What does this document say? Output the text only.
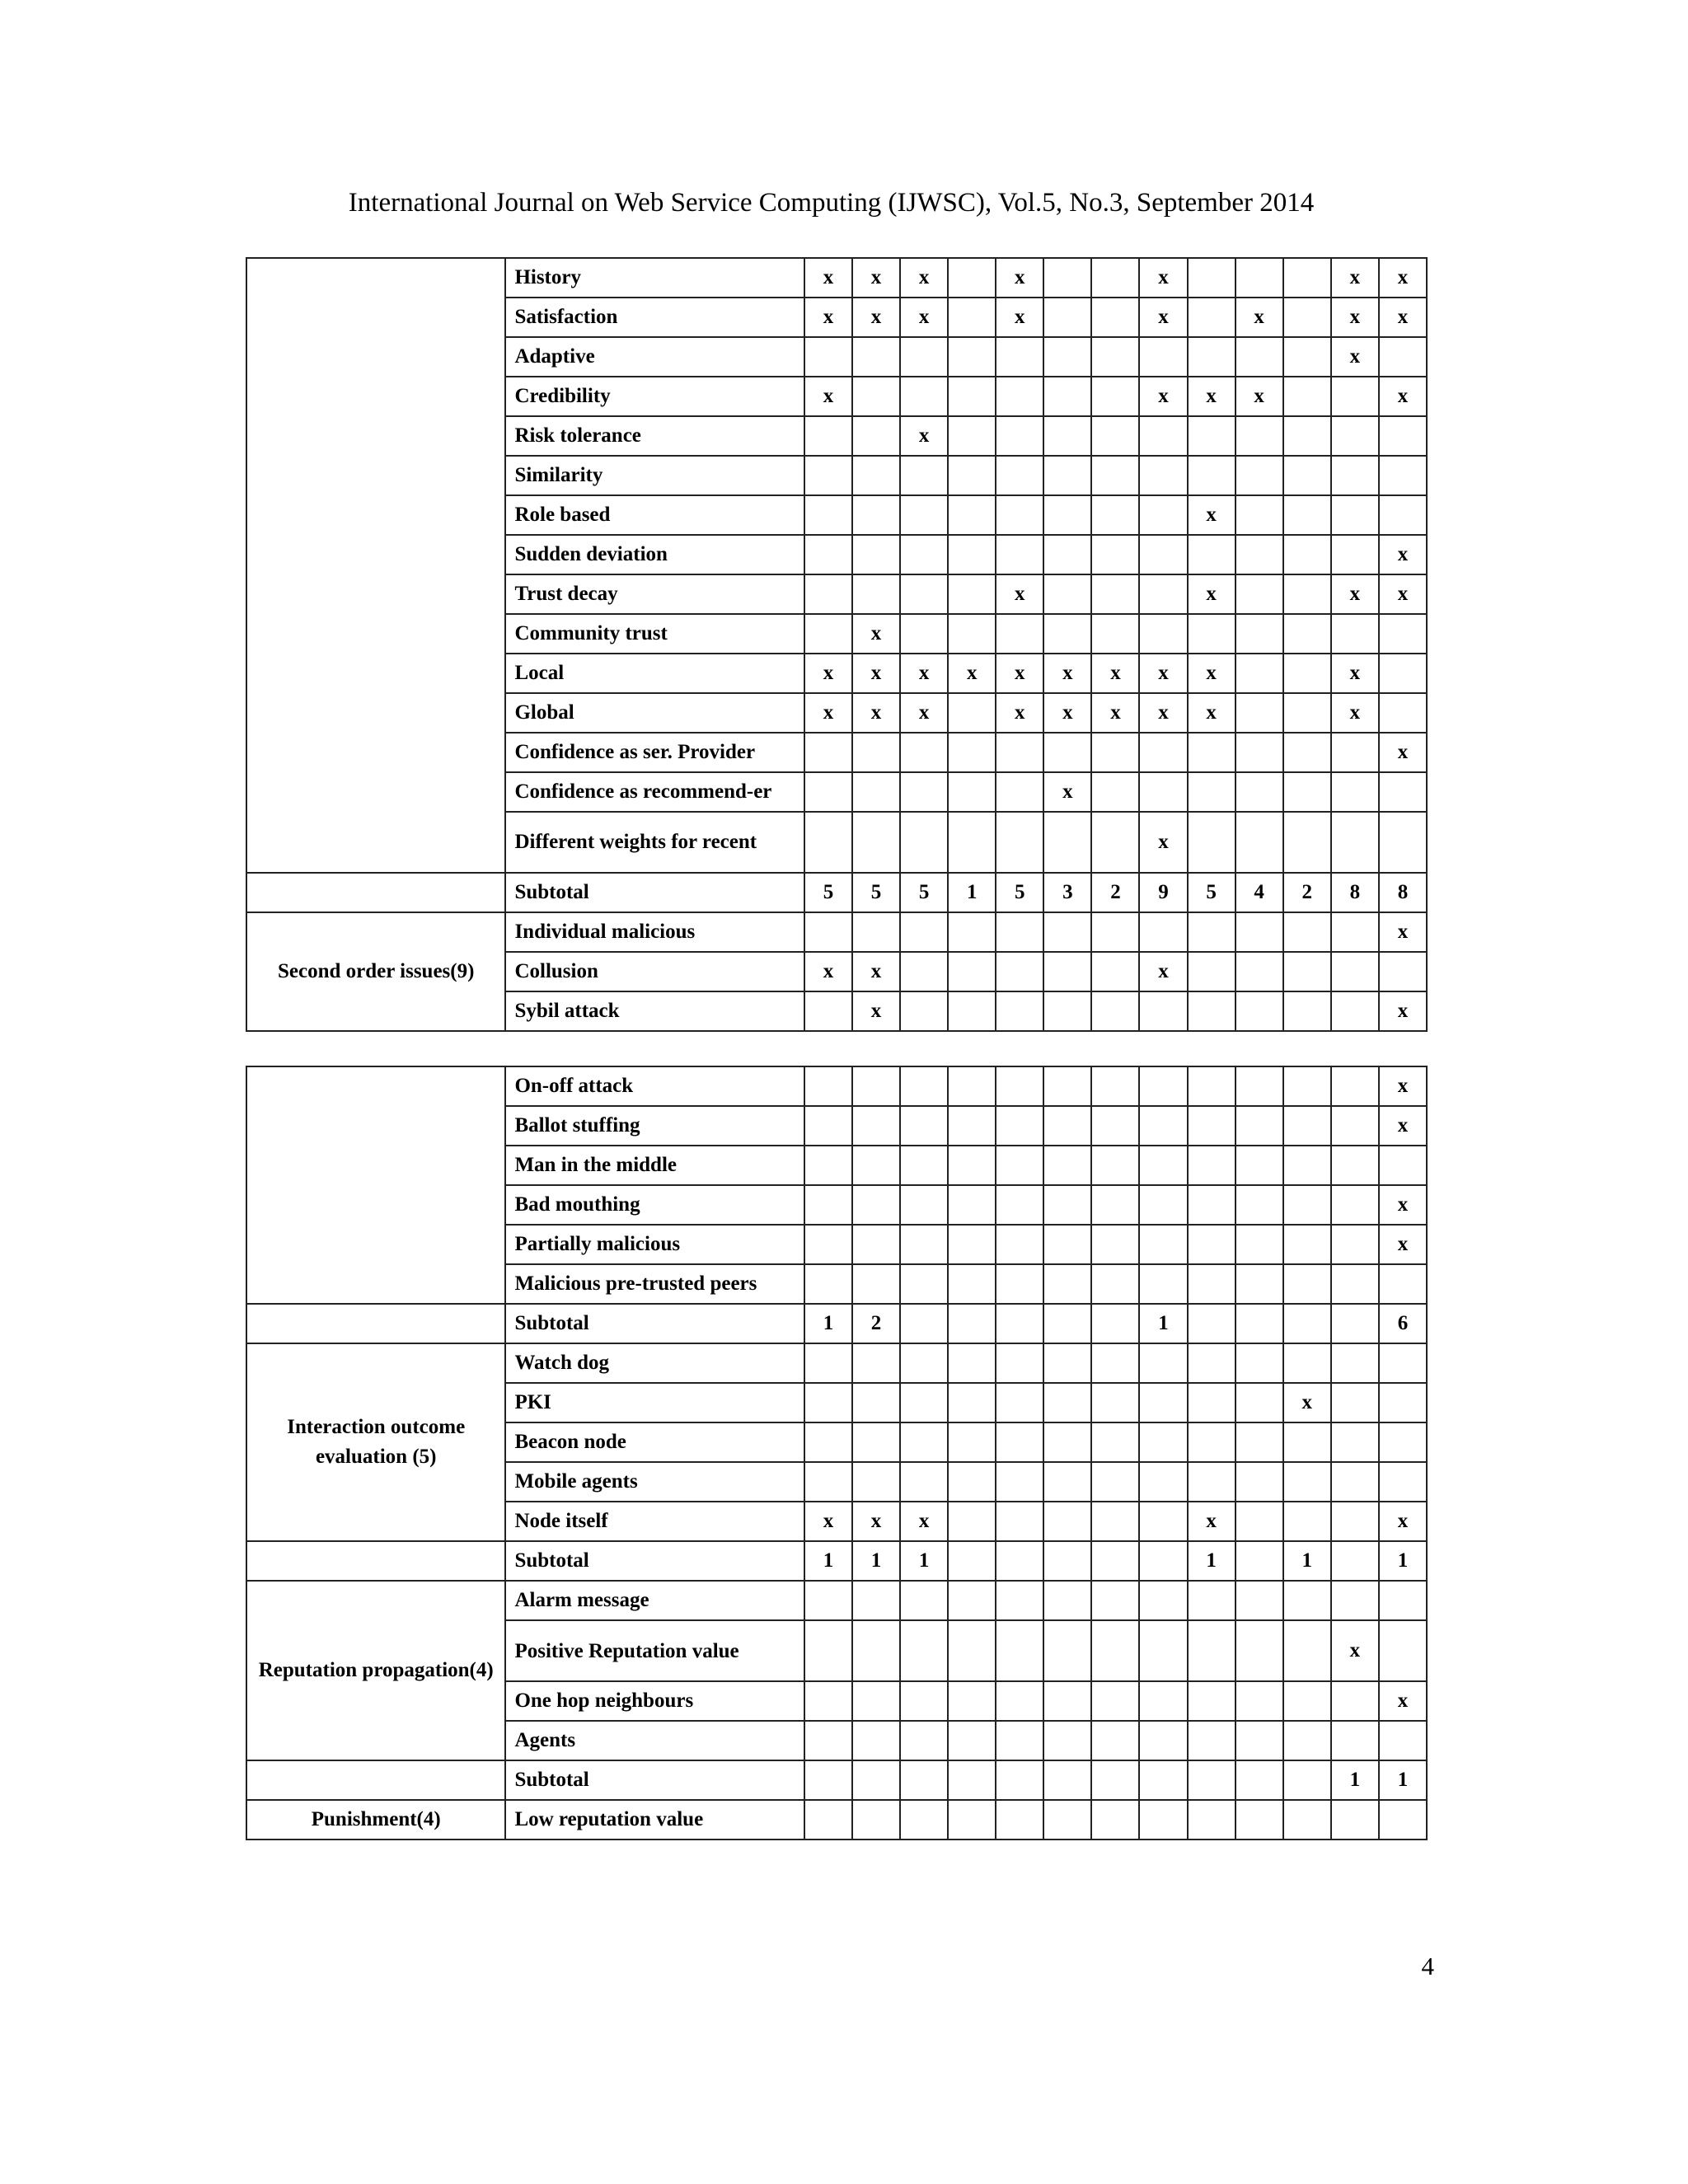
International Journal on Web Service Computing (IJWSC), Vol.5, No.3, September 2014
	History	x	x	x		x			x				x	x
	Satisfaction	x	x	x		x			x		x		x	x
	Adaptive												x	
	Credibility	x							x	x	x			x
	Risk tolerance			x										
	Similarity													
	Role based									x				
	Sudden deviation													x
	Trust decay					x				x			x	x
	Community trust		x											
	Local	x	x	x	x	x	x	x	x	x			x	
	Global	x	x	x		x	x	x	x	x			x	
	Confidence as ser. Provider													x
	Confidence as recommend-er						x							
	Different weights for recent								x					
	Subtotal	5	5	5	1	5	3	2	9	5	4	2	8	8
Second order issues(9)	Individual malicious													x
	Collusion	x	x						x					
	Sybil attack		x											x
	On-off attack													x
	Ballot stuffing													x
	Man in the middle													
	Bad mouthing													x
	Partially malicious													x
	Malicious pre-trusted peers													
	Subtotal	1	2						1					6
Interaction outcome evaluation (5)	Watch dog													
	PKI											x		
	Beacon node													
	Mobile agents													
	Node itself	x	x	x						x				x
	Subtotal	1	1	1						1		1		1
Reputation propagation(4)	Alarm message													
	Positive Reputation value												x	
	One hop neighbours													x
	Agents													
	Subtotal												1	1
Punishment(4)	Low reputation value													
4
